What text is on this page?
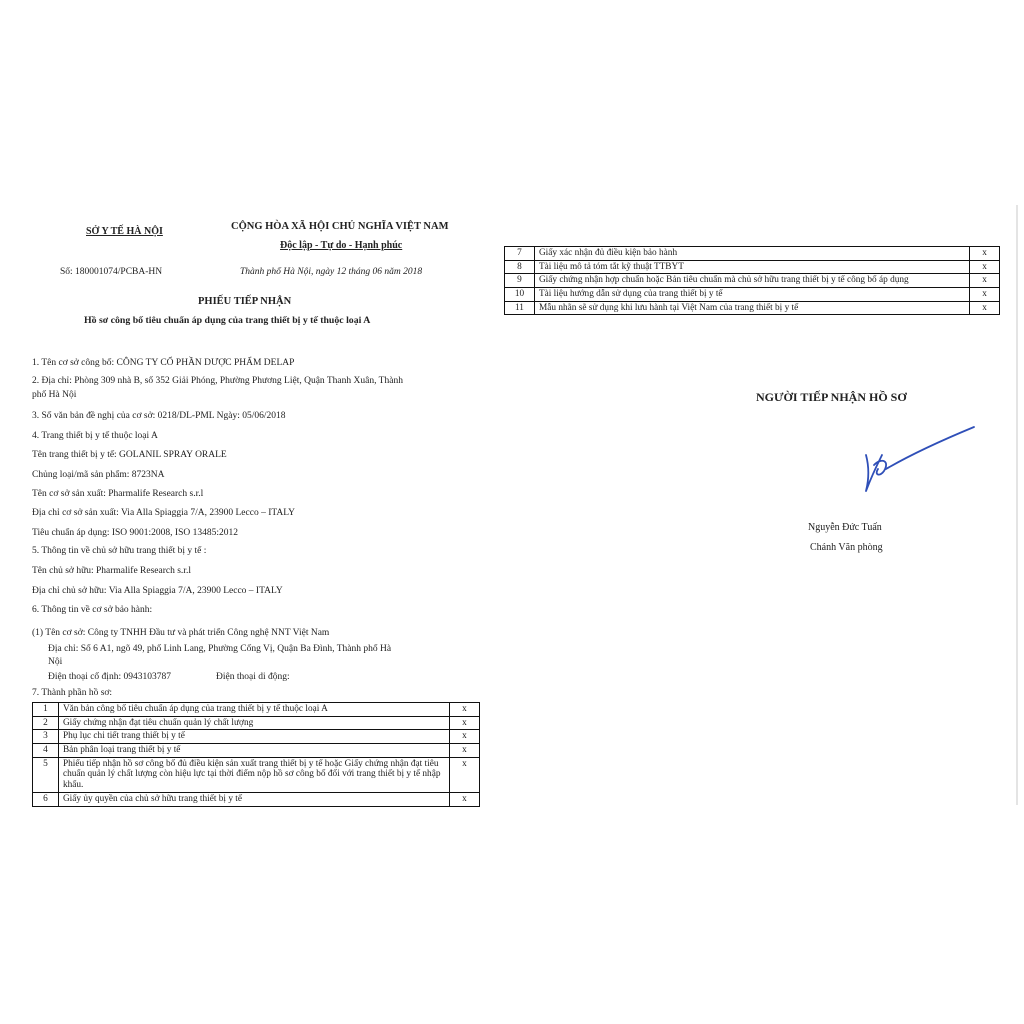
SỞ Y TẾ HÀ NỘI	CỘNG HÒA XÃ HỘI CHỦ NGHĨA VIỆT NAM
Độc lập - Tự do - Hạnh phúc
Số: 180001074/PCBA-HN	Thành phố Hà Nội, ngày 12 tháng 06 năm 2018
PHIẾU TIẾP NHẬN
Hồ sơ công bố tiêu chuẩn áp dụng của trang thiết bị y tế thuộc loại A
1. Tên cơ sở công bố: CÔNG TY CỔ PHẦN DƯỢC PHẨM DELAP
2. Địa chỉ: Phòng 309 nhà B, số 352 Giải Phóng, Phường Phương Liệt, Quận Thanh Xuân, Thành
phố Hà Nội
3. Số văn bản đề nghị của cơ sở: 0218/DL-PML Ngày: 05/06/2018
4. Trang thiết bị y tế thuộc loại A
Tên trang thiết bị y tế: GOLANIL SPRAY ORALE
Chủng loại/mã sản phẩm: 8723NA
Tên cơ sở sản xuất: Pharmalife Research s.r.l
Địa chỉ cơ sở sản xuất: Via Alla Spiaggia 7/A, 23900 Lecco – ITALY
Tiêu chuẩn áp dụng: ISO 9001:2008, ISO 13485:2012
5. Thông tin về chủ sở hữu trang thiết bị y tế :
Tên chủ sở hữu: Pharmalife Research s.r.l
Địa chỉ chủ sở hữu: Via Alla Spiaggia 7/A, 23900 Lecco – ITALY
6. Thông tin về cơ sở bảo hành:
(1) Tên cơ sở: Công ty TNHH Đầu tư và phát triển Công nghệ NNT Việt Nam
Địa chỉ: Số 6 A1, ngõ 49, phố Linh Lang, Phường Cống Vị, Quận Ba Đình, Thành phố Hà
Nội
Điện thoại cố định: 0943103787	Điện thoại di động:
7. Thành phần hồ sơ:
1	Văn bản công bố tiêu chuẩn áp dụng của trang thiết bị y tế thuộc loại A	x
2	Giấy chứng nhận đạt tiêu chuẩn quản lý chất lượng	x
3	Phụ lục chi tiết trang thiết bị y tế	x
4	Bản phân loại trang thiết bị y tế	x
5	Phiếu tiếp nhận hồ sơ công bố đủ điều kiện sản xuất trang thiết bị y tế hoặc Giấy chứng nhận đạt tiêu chuẩn quản lý chất lượng còn hiệu lực tại thời điểm nộp hồ sơ công bố đối với trang thiết bị y tế nhập khẩu.	x
6	Giấy ủy quyền của chủ sở hữu trang thiết bị y tế	x
7	Giấy xác nhận đủ điều kiện bảo hành	x
8	Tài liệu mô tả tóm tắt kỹ thuật TTBYT	x
9	Giấy chứng nhận hợp chuẩn hoặc Bản tiêu chuẩn mà chủ sở hữu trang thiết bị y tế công bố áp dụng	x
10	Tài liệu hướng dẫn sử dụng của trang thiết bị y tế	x
11	Mẫu nhãn sẽ sử dụng khi lưu hành tại Việt Nam của trang thiết bị y tế	x
NGƯỜI TIẾP NHẬN HỒ SƠ
Nguyễn Đức Tuấn
Chánh Văn phòng
